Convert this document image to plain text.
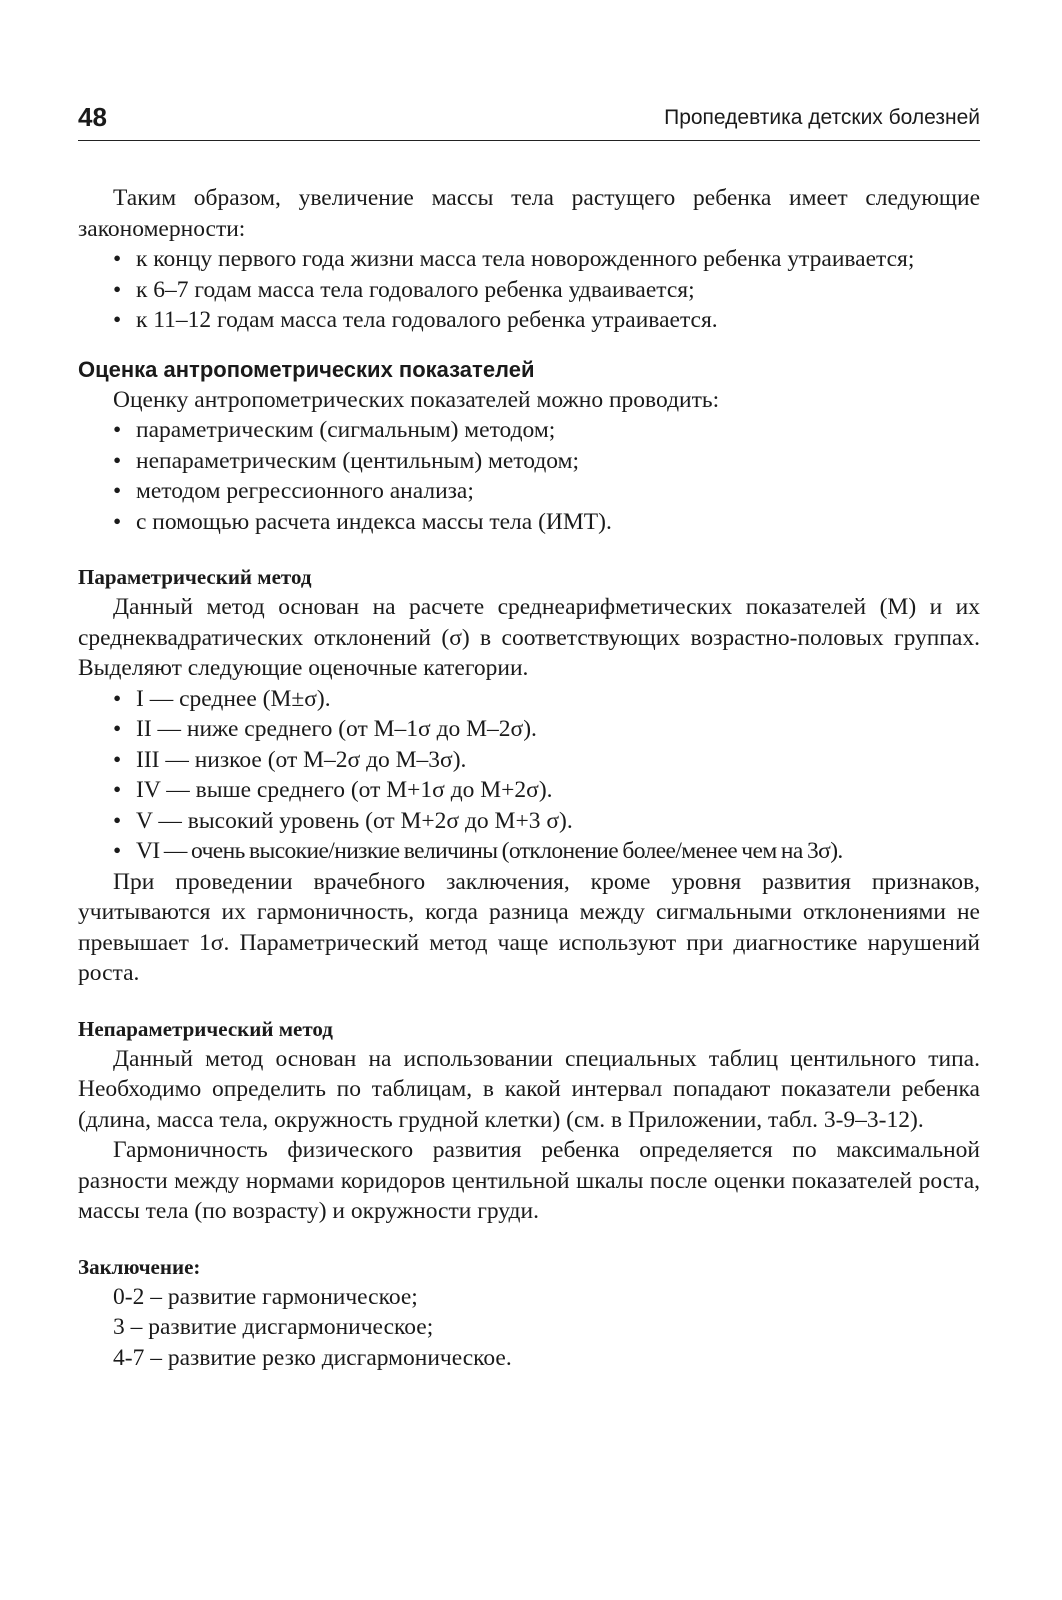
48	Пропедевтика детских болезней

Таким образом, увеличение массы тела растущего ребенка имеет следующие закономерности:

• к концу первого года жизни масса тела новорожденного ребенка утраивается;
• к 6–7 годам масса тела годовалого ребенка удваивается;
• к 11–12 годам масса тела годовалого ребенка утраивается.
Оценка антропометрических показателей

Оценку антропометрических показателей можно проводить:

• параметрическим (сигмальным) методом;
• непараметрическим (центильным) методом;
• методом регрессионного анализа;
• с помощью расчета индекса массы тела (ИМТ).
Параметрический метод

Данный метод основан на расчете среднеарифметических показателей (М) и их среднеквадратических отклонений (σ) в соответствующих возрастно-половых группах. Выделяют следующие оценочные категории.

• I — среднее (М±σ).
• II — ниже среднего (от М–1σ до М–2σ).
• III — низкое (от М–2σ до М–3σ).
• IV — выше среднего (от М+1σ до М+2σ).
• V — высокий уровень (от М+2σ до М+3 σ).
• VI — очень высокие/низкие величины (отклонение более/менее чем на 3σ).

При проведении врачебного заключения, кроме уровня развития признаков, учитываются их гармоничность, когда разница между сигмальными отклонениями не превышает 1σ. Параметрический метод чаще используют при диагностике нарушений роста.

Непараметрический метод

Данный метод основан на использовании специальных таблиц центильного типа. Необходимо определить по таблицам, в какой интервал попадают показатели ребенка (длина, масса тела, окружность грудной клетки) (см. в Приложении, табл. 3-9–3-12).

Гармоничность физического развития ребенка определяется по максимальной разности между нормами коридоров центильной шкалы после оценки показателей роста, массы тела (по возрасту) и окружности груди.

Заключение:
0-2 – развитие гармоническое;
3 – развитие дисгармоническое;
4-7 – развитие резко дисгармоническое.
